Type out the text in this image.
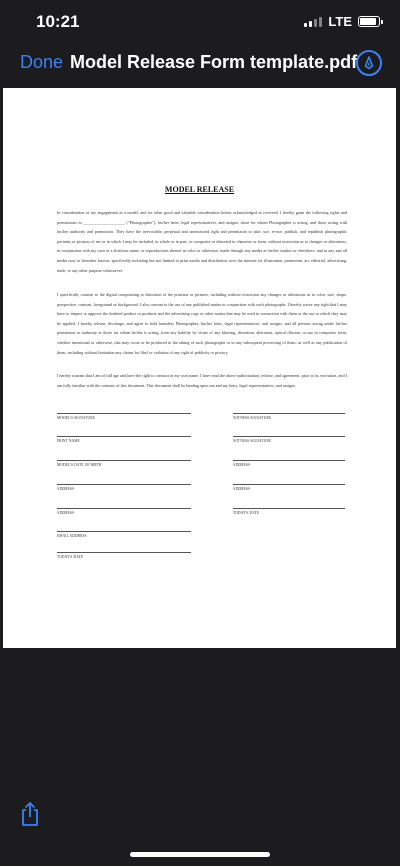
10:21	LTE
Done Model Release Form template.pdf
MODEL RELEASE
In consideration of my engagement as a model, and for other good and valuable consideration herein acknowledged as received, I hereby grant the following rights and permissions to ____________________ ("Photographer"), his/her heirs, legal representatives, and assigns, those for whom Photographer is acting, and those acting with his/her authority and permission. They have the irrevocable, perpetual and unrestricted right and permission to take, use, re-use, publish, and republish photographic portraits or pictures of me or in which I may be included, in whole or in part, or composite or distorted in character or form, without restriction as to changes or alterations, in conjunction with my own or a fictitious name, or reproductions thereof in color or otherwise, made through any media at his/her studios or elsewhere, and in any and all media now or hereafter known, specifically including but not limited to print media and distribution over the internet for illustration, promotion, art, editorial, advertising, trade, or any other purpose whatsoever.
I specifically consent to the digital compositing or distortion of the portraits or pictures, including without restriction any changes or alterations as to color, size, shape, perspective, contrast, foreground or background. I also consent to the use of any published matter in conjunction with such photographs. I hereby waive any right that I may have to inspect or approve the finished product or products and the advertising copy or other matter that may be used in connection with them or the use to which they may be applied. I hereby release, discharge, and agree to hold harmless Photographer, his/her heirs, legal representatives, and assigns, and all persons acting under his/her permission or authority or those for whom he/she is acting, from any liability by virtue of any blurring, distortion, alteration, optical illusion, or use in composite form, whether intentional or otherwise, that may occur or be produced in the taking of such photographs or in any subsequent processing of them, as well as any publication of them, including without limitation any claims for libel or violation of any right of publicity or privacy.
I hereby warrant that I am of full age and have the right to contract in my own name. I have read the above authorization, release, and agreement, prior to its execution, and I am fully familiar with the contents of this document. This document shall be binding upon me and my heirs, legal representatives, and assigns.
MODEL'S SIGNATURE
PRINT NAME
MODEL'S DATE OF BIRTH
ADDRESS
ADDRESS
EMAIL ADDRESS
TODAY'S DATE
WITNESS SIGNATURE
WITNESS SIGNATURE
ADDRESS
ADDRESS
TODAY'S DATE
